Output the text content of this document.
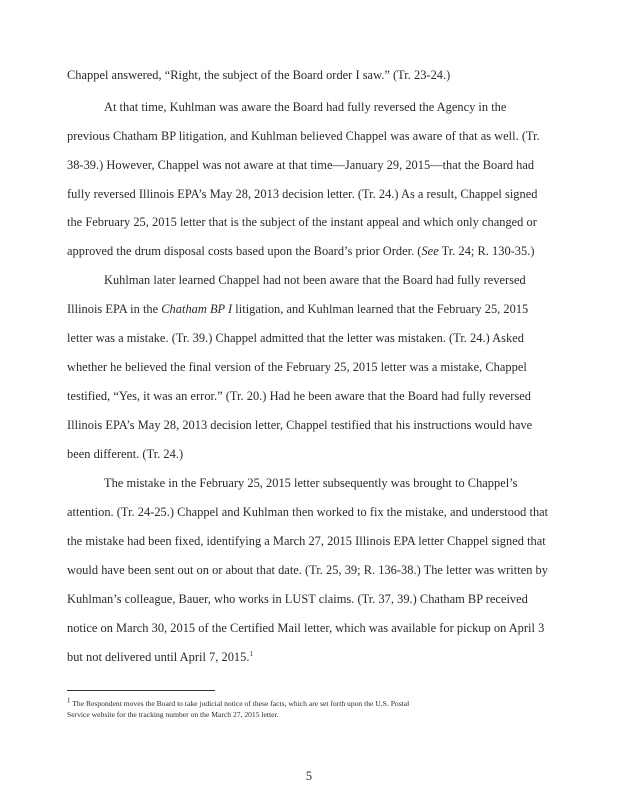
Chappel answered, “Right, the subject of the Board order I saw.” (Tr. 23-24.)
At that time, Kuhlman was aware the Board had fully reversed the Agency in the
previous Chatham BP litigation, and Kuhlman believed Chappel was aware of that as well. (Tr.
38-39.) However, Chappel was not aware at that time—January 29, 2015—that the Board had
fully reversed Illinois EPA’s May 28, 2013 decision letter. (Tr. 24.) As a result, Chappel signed
the February 25, 2015 letter that is the subject of the instant appeal and which only changed or
approved the drum disposal costs based upon the Board’s prior Order. (See Tr. 24; R. 130-35.)
Kuhlman later learned Chappel had not been aware that the Board had fully reversed
Illinois EPA in the Chatham BP I litigation, and Kuhlman learned that the February 25, 2015
letter was a mistake. (Tr. 39.) Chappel admitted that the letter was mistaken. (Tr. 24.) Asked
whether he believed the final version of the February 25, 2015 letter was a mistake, Chappel
testified, “Yes, it was an error.” (Tr. 20.) Had he been aware that the Board had fully reversed
Illinois EPA’s May 28, 2013 decision letter, Chappel testified that his instructions would have
been different. (Tr. 24.)
The mistake in the February 25, 2015 letter subsequently was brought to Chappel’s
attention. (Tr. 24-25.) Chappel and Kuhlman then worked to fix the mistake, and understood that
the mistake had been fixed, identifying a March 27, 2015 Illinois EPA letter Chappel signed that
would have been sent out on or about that date. (Tr. 25, 39; R. 136-38.) The letter was written by
Kuhlman’s colleague, Bauer, who works in LUST claims. (Tr. 37, 39.) Chatham BP received
notice on March 30, 2015 of the Certified Mail letter, which was available for pickup on April 3
but not delivered until April 7, 2015.$^1$
$^1$ The Respondent moves the Board to take judicial notice of these facts, which are set forth upon the U.S. Postal
Service website for the tracking number on the March 27, 2015 letter.
5
